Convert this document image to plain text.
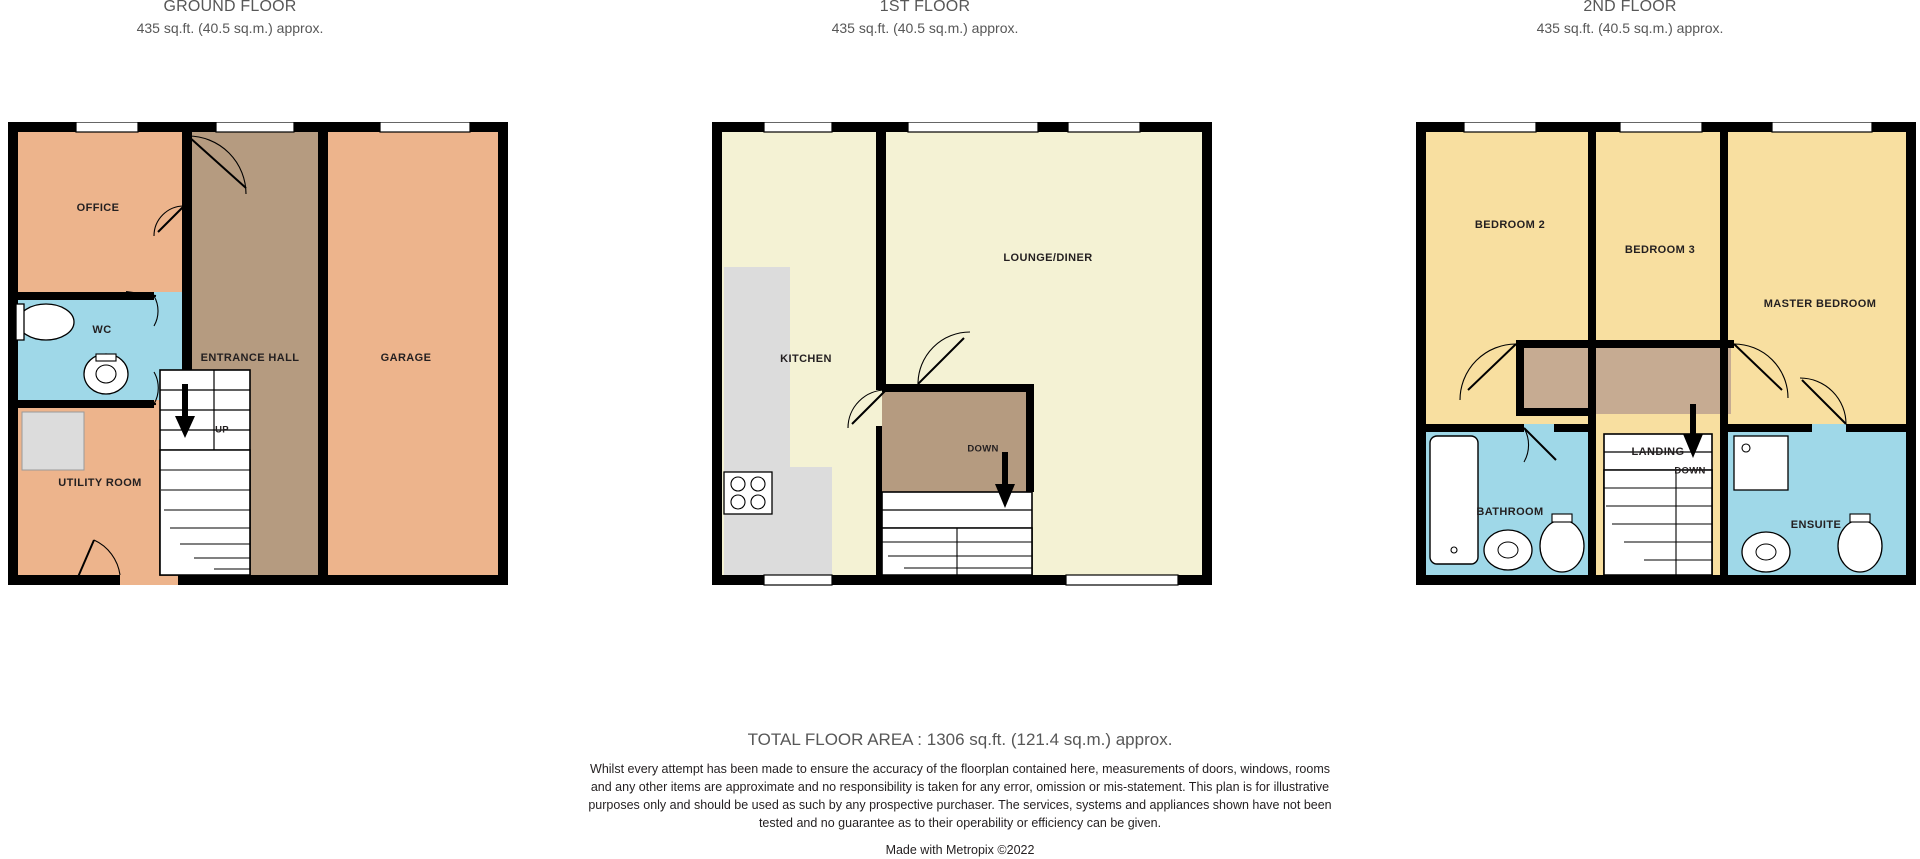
GROUND FLOOR
435 sq.ft. (40.5 sq.m.) approx.
1ST FLOOR
435 sq.ft. (40.5 sq.m.) approx.
2ND FLOOR
435 sq.ft. (40.5 sq.m.) approx.
OFFICE
WC
UTILITY ROOM
ENTRANCE HALL	GARAGE
UP
KITCHEN
LOUNGE/DINER
DOWN
BEDROOM 2
BEDROOM 3
MASTER BEDROOM
BATHROOM
LANDING
ENSUITE
DOWN
TOTAL FLOOR AREA : 1306 sq.ft. (121.4 sq.m.) approx.
Whilst every attempt has been made to ensure the accuracy of the floorplan contained here, measurements of doors, windows, rooms and any other items are approximate and no responsibility is taken for any error, omission or mis-statement. This plan is for illustrative purposes only and should be used as such by any prospective purchaser. The services, systems and appliances shown have not been tested and no guarantee as to their operability or efficiency can be given.
Made with Metropix ©2022
